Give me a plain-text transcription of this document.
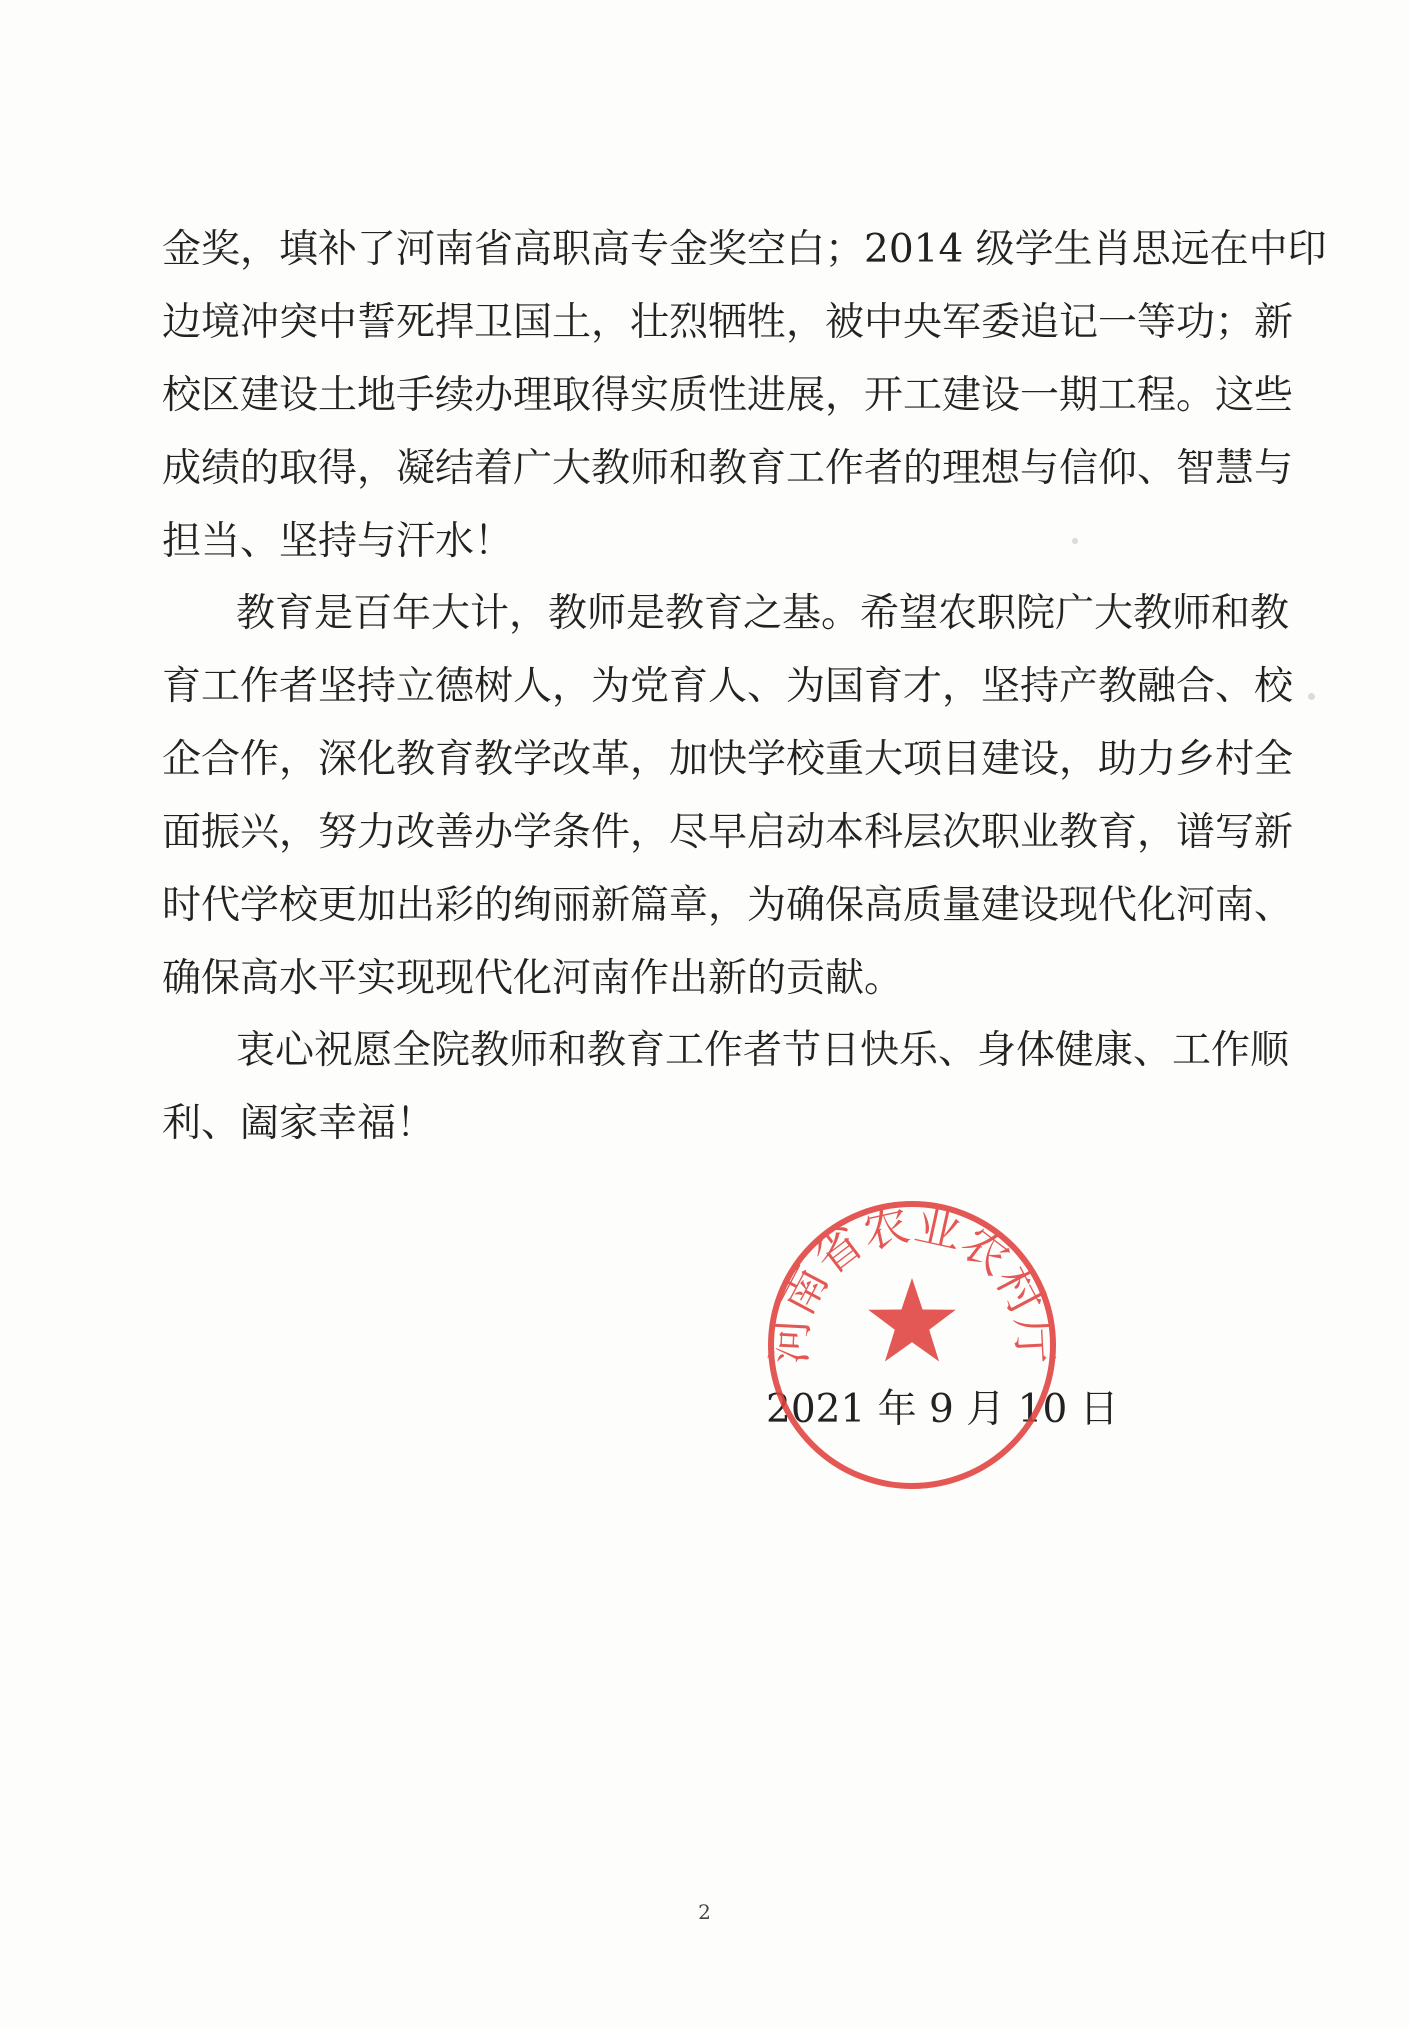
金奖，填补了河南省高职高专金奖空白；2014 级学生肖思远在中印
边境冲突中誓死捍卫国土，壮烈牺牲，被中央军委追记一等功；新
校区建设土地手续办理取得实质性进展，开工建设一期工程。这些
成绩的取得，凝结着广大教师和教育工作者的理想与信仰、智慧与
担当、坚持与汗水！
教育是百年大计，教师是教育之基。希望农职院广大教师和教
育工作者坚持立德树人，为党育人、为国育才，坚持产教融合、校
企合作，深化教育教学改革，加快学校重大项目建设，助力乡村全
面振兴，努力改善办学条件，尽早启动本科层次职业教育，谱写新
时代学校更加出彩的绚丽新篇章，为确保高质量建设现代化河南、
确保高水平实现现代化河南作出新的贡献。
衷心祝愿全院教师和教育工作者节日快乐、身体健康、工作顺
利、阖家幸福！
2021 年 9 月 10 日
河南省农业农村厅
2
